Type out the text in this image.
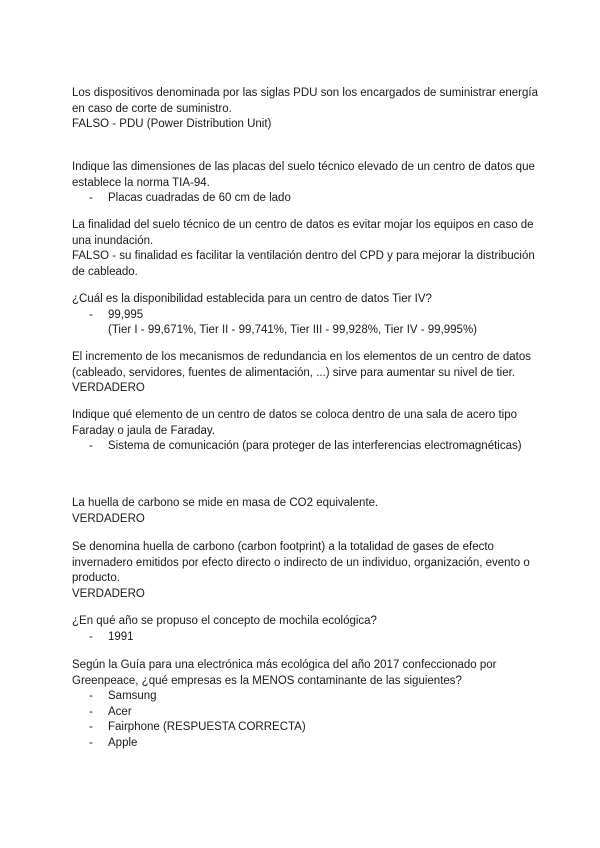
Los dispositivos denominada por las siglas PDU son los encargados de suministrar energía
en caso de corte de suministro.
FALSO - PDU (Power Distribution Unit)
Indique las dimensiones de las placas del suelo técnico elevado de un centro de datos que
establece la norma TIA-94.
- Placas cuadradas de 60 cm de lado
La finalidad del suelo técnico de un centro de datos es evitar mojar los equipos en caso de
una inundación.
FALSO - su finalidad es facilitar la ventilación dentro del CPD y para mejorar la distribución
de cableado.
¿Cuál es la disponibilidad establecida para un centro de datos Tier IV?
- 99,995
(Tier I - 99,671%, Tier II - 99,741%, Tier III - 99,928%, Tier IV - 99,995%)
El incremento de los mecanismos de redundancia en los elementos de un centro de datos
(cableado, servidores, fuentes de alimentación, ...) sirve para aumentar su nivel de tier.
VERDADERO
Indique qué elemento de un centro de datos se coloca dentro de una sala de acero tipo
Faraday o jaula de Faraday.
- Sistema de comunicación (para proteger de las interferencias electromagnéticas)
La huella de carbono se mide en masa de CO2 equivalente.
VERDADERO
Se denomina huella de carbono (carbon footprint) a la totalidad de gases de efecto
invernadero emitidos por efecto directo o indirecto de un individuo, organización, evento o
producto.
VERDADERO
¿En qué año se propuso el concepto de mochila ecológica?
- 1991
Según la Guía para una electrónica más ecológica del año 2017 confeccionado por
Greenpeace, ¿qué empresas es la MENOS contaminante de las siguientes?
- Samsung
- Acer
- Fairphone (RESPUESTA CORRECTA)
- Apple
